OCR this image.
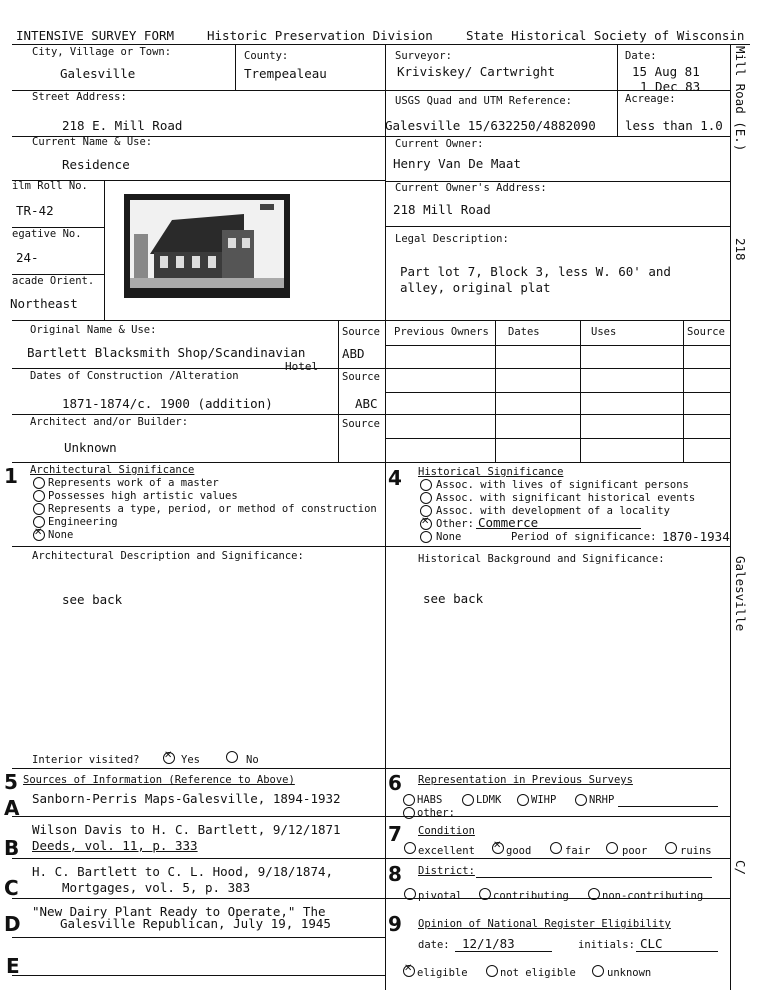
INTENSIVE SURVEY FORM	Historic Preservation Division	State Historical Society of Wisconsin
City, Village or Town:
Galesville
County:
Trempealeau
Surveyor:
Kriviskey/ Cartwright
Date:
15 Aug 81
1 Dec 83
Street Address:
218 E. Mill Road
USGS Quad and UTM Reference:
Galesville 15/632250/4882090
Acreage:
less than 1.0
Current Name & Use:
Residence
Current Owner:
Henry Van De Maat
ilm Roll No.
TR-42
egative No.
24-
acade Orient.
Northeast
Current Owner's Address:
218 Mill Road
Legal Description:
Part lot 7, Block 3, less W. 60' and
alley, original plat
Original Name & Use:
Bartlett Blacksmith Shop/Scandinavian
Hotel
Source
ABD
Dates of Construction /Alteration
1871-1874/c. 1900 (addition)
Source
ABC
Architect and/or Builder:
Unknown
Source
Previous Owners Dates	Uses	Source
1 Architectural Significance
Represents work of a master
Possesses high artistic values
Represents a type, period, or method of construction
Engineering
✕
None
Architectural Description and Significance:
see back
Interior visited? ✕	Yes	No
4 Historical Significance
Assoc. with lives of significant persons
Assoc. with significant historical events
Assoc. with development of a locality
✕
Other: Commerce
None	Period of significance: 1870-1934
Historical Background and Significance:
see back
5 Sources of Information (Reference to Above)
A Sanborn-Perris Maps-Galesville, 1894-1932
B
Wilson Davis to H. C. Bartlett, 9/12/1871
Deeds, vol. 11, p. 333
C
H. C. Bartlett to C. L. Hood, 9/18/1874,
Mortgages, vol. 5, p. 383
D
"New Dairy Plant Ready to Operate," The
Galesville Republican, July 19, 1945
E
6 Representation in Previous Surveys
HABS	LDMK	WIHP	NRHP
other:
7 Condition
excellent ✕	good	fair	poor	ruins
8 District:
pivotal	contributing	non-contributing
9 Opinion of National Register Eligibility
date: 12/1/83	initials: CLC
✕
eligible	not eligible	unknown
Mill Road (E.)
218
Galesville
C/
